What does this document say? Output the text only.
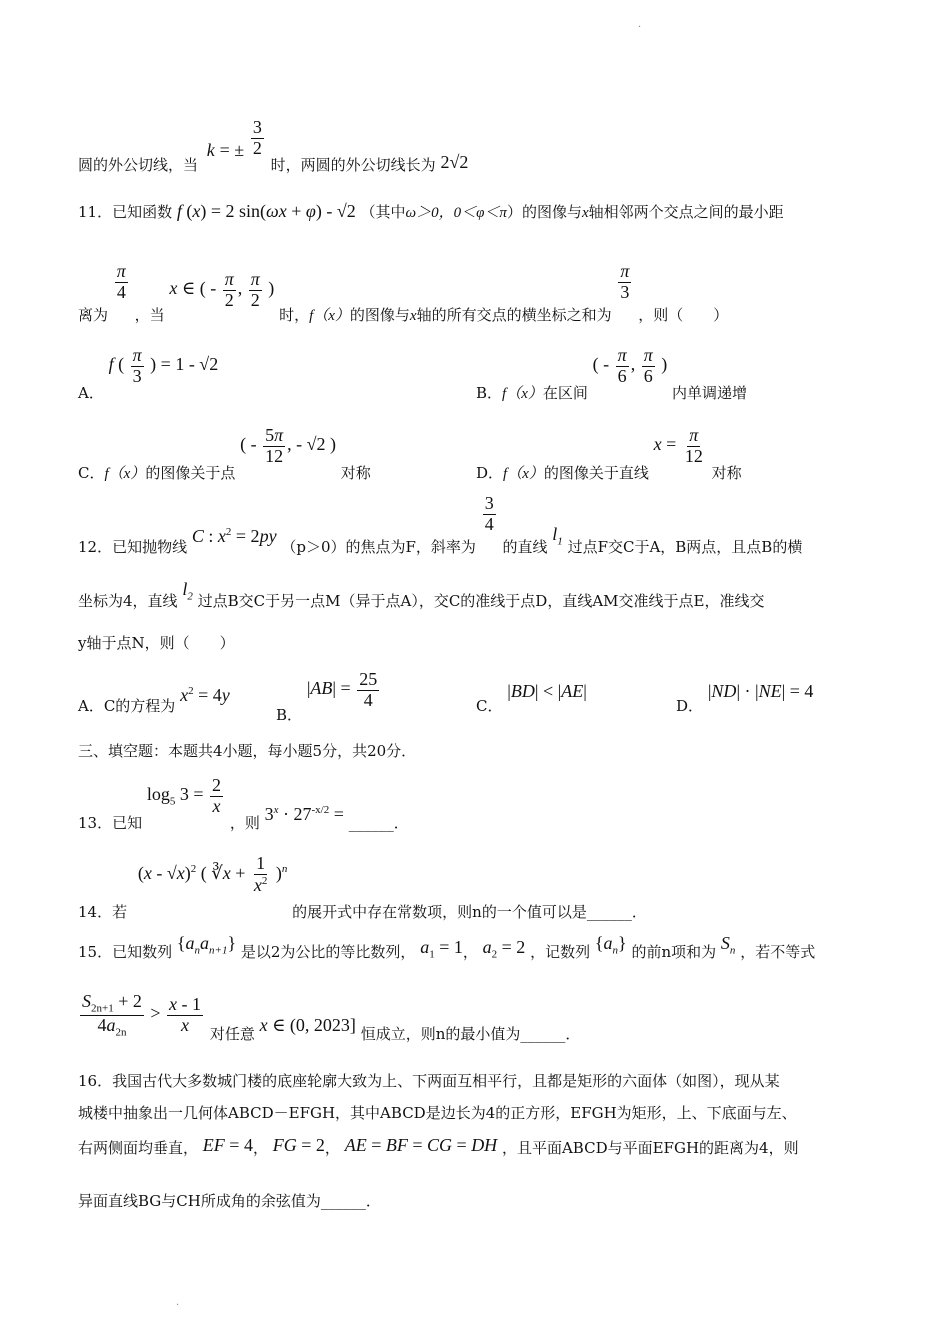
·
·
圆的外公切线，当 k = ± $\frac{3}{2}$
时，两圆的外公切线长为 2√2
11．已知函数 f (x) = 2 sin(ωx + φ) - √2 （其中ω＞0，0＜φ＜π）的图像与x轴相邻两个交点之间的最小距
离为
$\frac{\pi}{4}$
，当 x ∈ ( - $\frac{\pi}{2}$ , $\frac{\pi}{2}$ ) 时，f（x）的图像与x轴的所有交点的横坐标之和为
$\frac{\pi}{3}$
，则（　　）
A． f ( $\frac{\pi}{3}$ ) = 1 - √2
B．f（x）在区间 ( - $\frac{\pi}{6}$ , $\frac{\pi}{6}$ ) 内单调递增
C．f（x）的图像关于点 ( - $\frac{5\pi}{12}$ , - √2 ) 对称	D．f（x）的图像关于直线 $x = \frac{\pi}{12}$
对称
12．已知抛物线 C : $x^2 = 2py$ （p＞0）的焦点为F，斜率为
$\frac{3}{4}$
的直线 $l_1$ 过点F交C于A，B两点，且点B的横
坐标为4，直线 $l_2$ 过点B交C于另一点M（异于点A），交C的准线于点D，直线AM交准线于点E，准线交
y轴于点N，则（　　）
A．C的方程为 $x^2 = 4y$
B． $|AB| = \frac{25}{4}$	C． |BD| < |AE|
D． |ND| · |NE| = 4
三、填空题：本题共4小题，每小题5分，共20分．
13．已知 $\log_5 3 = \frac{2}{x}$
，则 $3^x \cdot 27^{-x/2}$ = ______．
14．若 (x - √x)$^2$ ( ∛x + $\frac{1}{x^2} )^n$ 的展开式中存在常数项，则n的一个值可以是______．
15．已知数列 $\{a_na_{n+1}\}$ 是以2为公比的等比数列， $a_1 = 1$， $a_2 = 2$ ，记数列 $\{a_n\}$ 的前n项和为 $S_n$ ，若不等式
$\frac{S_{2n+1} + 2}{4a_{2n}} > \frac{x - 1}{x}$ 对任意 x ∈ (0, 2023] 恒成立，则n的最小值为______．
16．我国古代大多数城门楼的底座轮廓大致为上、下两面互相平行，且都是矩形的六面体（如图），现从某
城楼中抽象出一几何体ABCD－EFGH，其中ABCD是边长为4的正方形，EFGH为矩形，上、下底面与左、
右两侧面均垂直， EF = 4， FG = 2， AE = BF = CG = DH ，且平面ABCD与平面EFGH的距离为4，则
异面直线BG与CH所成角的余弦值为______．
